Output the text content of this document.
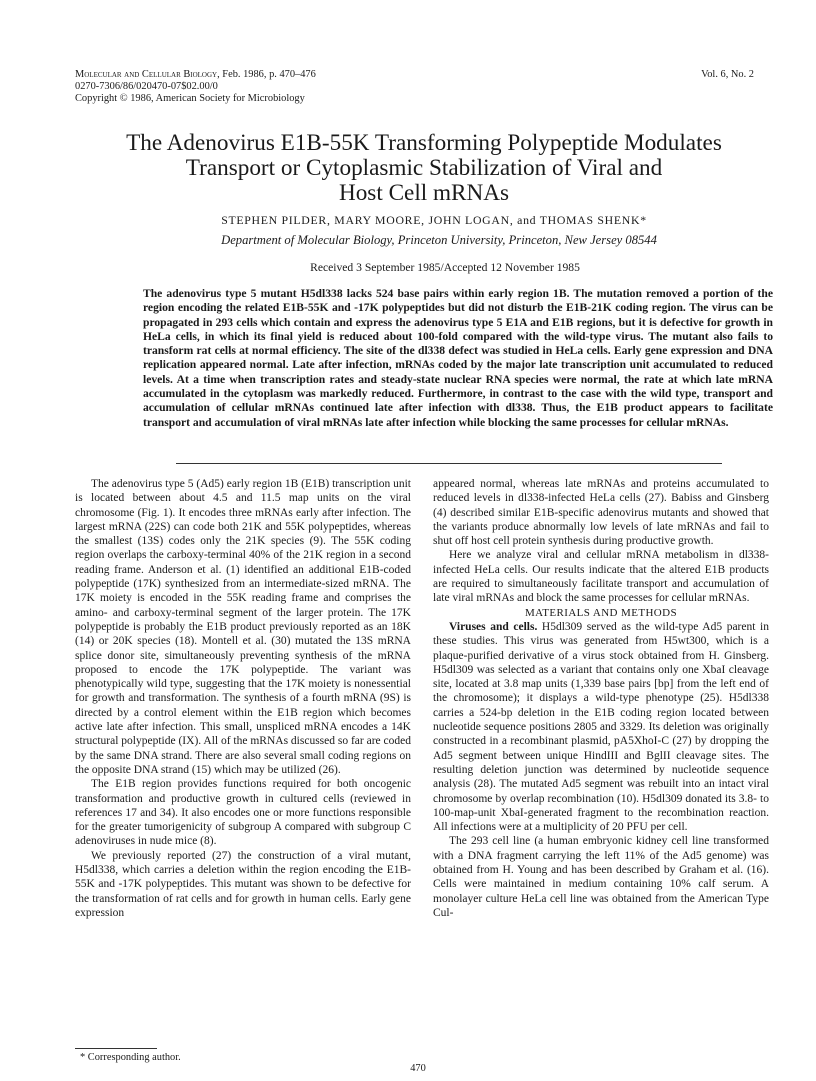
Molecular and Cellular Biology, Feb. 1986, p. 470–476
0270-7306/86/020470-07$02.00/0
Copyright © 1986, American Society for Microbiology
Vol. 6, No. 2
The Adenovirus E1B-55K Transforming Polypeptide Modulates
Transport or Cytoplasmic Stabilization of Viral and
Host Cell mRNAs
STEPHEN PILDER, MARY MOORE, JOHN LOGAN, and THOMAS SHENK*
Department of Molecular Biology, Princeton University, Princeton, New Jersey 08544
Received 3 September 1985/Accepted 12 November 1985
The adenovirus type 5 mutant H5dl338 lacks 524 base pairs within early region 1B. The mutation removed a portion of the region encoding the related E1B-55K and -17K polypeptides but did not disturb the E1B-21K coding region. The virus can be propagated in 293 cells which contain and express the adenovirus type 5 E1A and E1B regions, but it is defective for growth in HeLa cells, in which its final yield is reduced about 100-fold compared with the wild-type virus. The mutant also fails to transform rat cells at normal efficiency. The site of the dl338 defect was studied in HeLa cells. Early gene expression and DNA replication appeared normal. Late after infection, mRNAs coded by the major late transcription unit accumulated to reduced levels. At a time when transcription rates and steady-state nuclear RNA species were normal, the rate at which late mRNA accumulated in the cytoplasm was markedly reduced. Furthermore, in contrast to the case with the wild type, transport and accumulation of cellular mRNAs continued late after infection with dl338. Thus, the E1B product appears to facilitate transport and accumulation of viral mRNAs late after infection while blocking the same processes for cellular mRNAs.

The adenovirus type 5 (Ad5) early region 1B (E1B) transcription unit is located between about 4.5 and 11.5 map units on the viral chromosome (Fig. 1). It encodes three mRNAs early after infection. The largest mRNA (22S) can code both 21K and 55K polypeptides, whereas the smallest (13S) codes only the 21K species (9). The 55K coding region overlaps the carboxy-terminal 40% of the 21K region in a second reading frame. Anderson et al. (1) identified an additional E1B-coded polypeptide (17K) synthesized from an intermediate-sized mRNA. The 17K moiety is encoded in the 55K reading frame and comprises the amino- and carboxy-terminal segment of the larger protein. The 17K polypeptide is probably the E1B product previously reported as an 18K (14) or 20K species (18). Montell et al. (30) mutated the 13S mRNA splice donor site, simultaneously preventing synthesis of the mRNA proposed to encode the 17K polypeptide. The variant was phenotypically wild type, suggesting that the 17K moiety is nonessential for growth and transformation. The synthesis of a fourth mRNA (9S) is directed by a control element within the E1B region which becomes active late after infection. This small, unspliced mRNA encodes a 14K structural polypeptide (IX). All of the mRNAs discussed so far are coded by the same DNA strand. There are also several small coding regions on the opposite DNA strand (15) which may be utilized (26).

The E1B region provides functions required for both oncogenic transformation and productive growth in cultured cells (reviewed in references 17 and 34). It also encodes one or more functions responsible for the greater tumorigenicity of subgroup A compared with subgroup C adenoviruses in nude mice (8).

We previously reported (27) the construction of a viral mutant, H5dl338, which carries a deletion within the region encoding the E1B-55K and -17K polypeptides. This mutant was shown to be defective for the transformation of rat cells and for growth in human cells. Early gene expression

appeared normal, whereas late mRNAs and proteins accumulated to reduced levels in dl338-infected HeLa cells (27). Babiss and Ginsberg (4) described similar E1B-specific adenovirus mutants and showed that the variants produce abnormally low levels of late mRNAs and fail to shut off host cell protein synthesis during productive growth.

Here we analyze viral and cellular mRNA metabolism in dl338-infected HeLa cells. Our results indicate that the altered E1B products are required to simultaneously facilitate transport and accumulation of late viral mRNAs and block the same processes for cellular mRNAs.

MATERIALS AND METHODS

Viruses and cells. H5dl309 served as the wild-type Ad5 parent in these studies. This virus was generated from H5wt300, which is a plaque-purified derivative of a virus stock obtained from H. Ginsberg. H5dl309 was selected as a variant that contains only one XbaI cleavage site, located at 3.8 map units (1,339 base pairs [bp] from the left end of the chromosome); it displays a wild-type phenotype (25). H5dl338 carries a 524-bp deletion in the E1B coding region located between nucleotide sequence positions 2805 and 3329. Its deletion was originally constructed in a recombinant plasmid, pA5XhoI-C (27) by dropping the Ad5 segment between unique HindIII and BglII cleavage sites. The resulting deletion junction was determined by nucleotide sequence analysis (28). The mutated Ad5 segment was rebuilt into an intact viral chromosome by overlap recombination (10). H5dl309 donated its 3.8- to 100-map-unit XbaI-generated fragment to the recombination reaction. All infections were at a multiplicity of 20 PFU per cell.

The 293 cell line (a human embryonic kidney cell line transformed with a DNA fragment carrying the left 11% of the Ad5 genome) was obtained from H. Young and has been described by Graham et al. (16). Cells were maintained in medium containing 10% calf serum. A monolayer culture HeLa cell line was obtained from the American Type Cul-

* Corresponding author.
470
